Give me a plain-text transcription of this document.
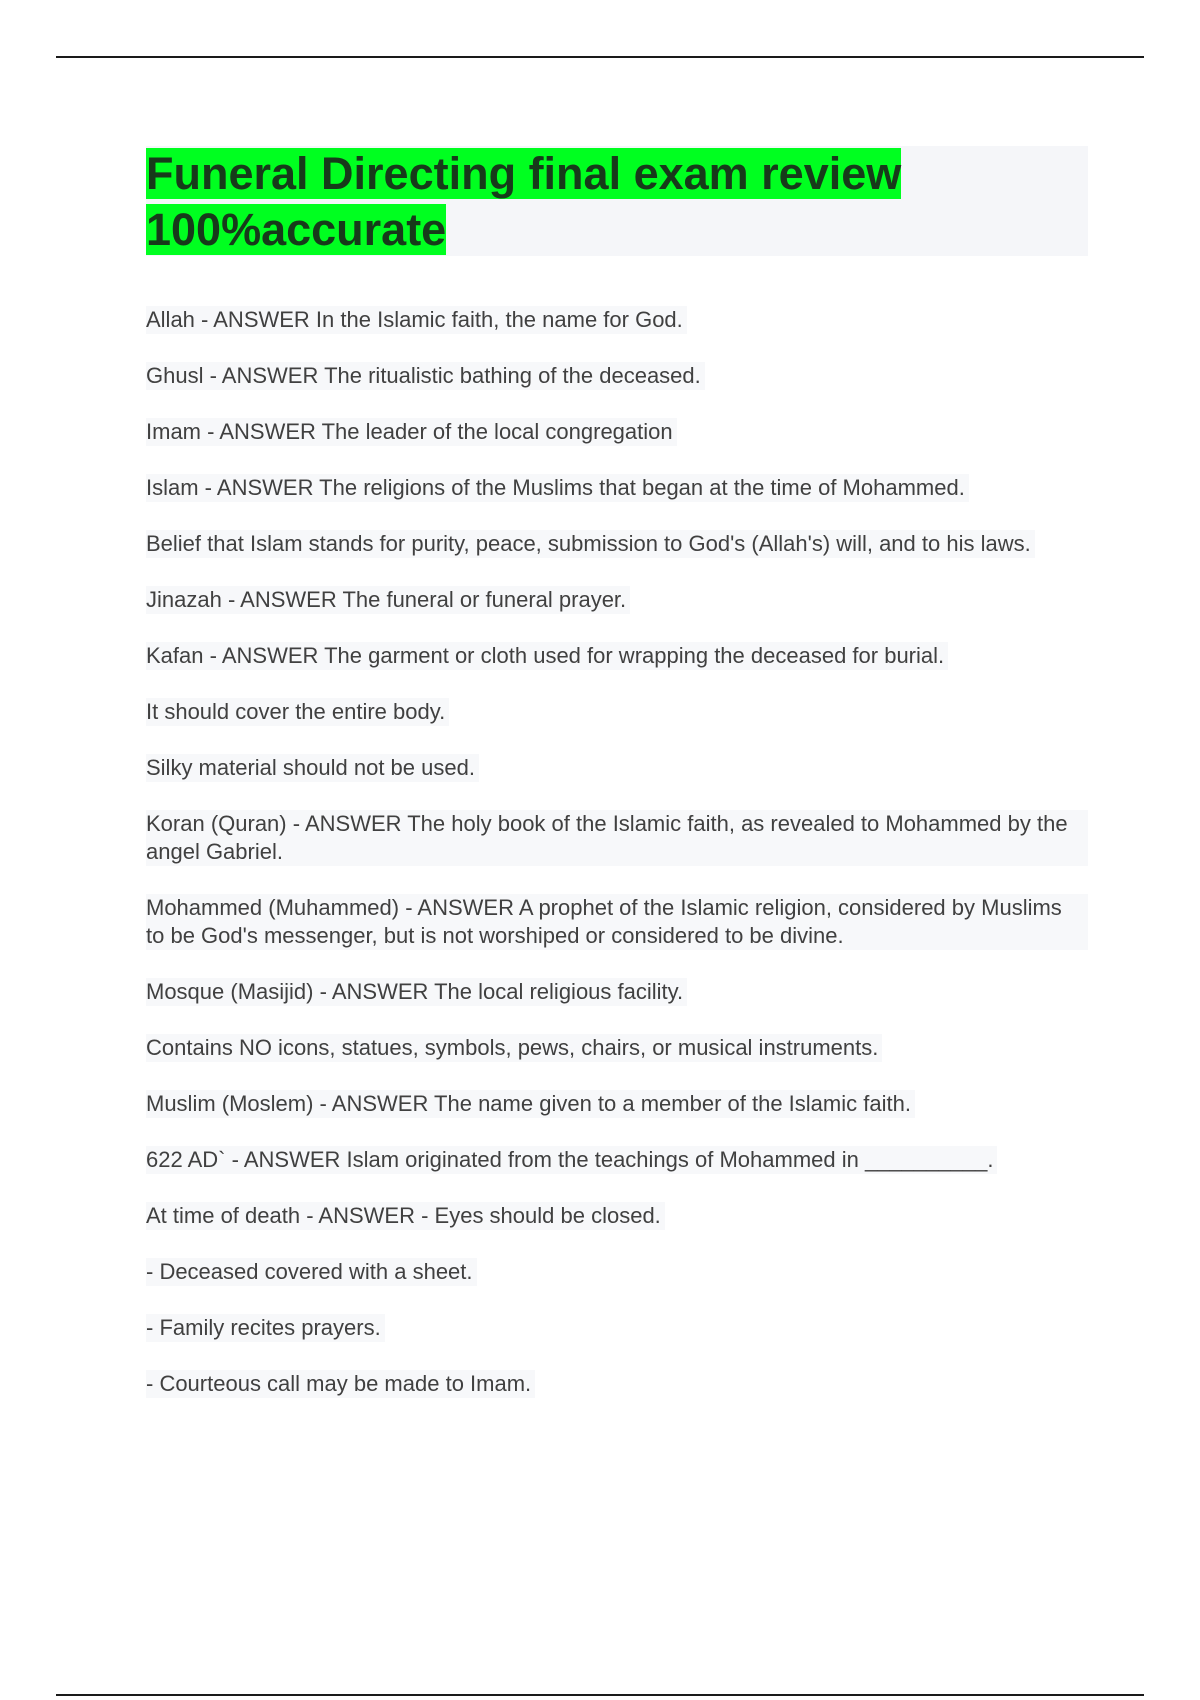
Funeral Directing final exam review
100%accurate

Allah - ANSWER In the Islamic faith, the name for God.

Ghusl - ANSWER The ritualistic bathing of the deceased.

Imam - ANSWER The leader of the local congregation

Islam - ANSWER The religions of the Muslims that began at the time of Mohammed.

Belief that Islam stands for purity, peace, submission to God's (Allah's) will, and to his laws.

Jinazah - ANSWER The funeral or funeral prayer.

Kafan - ANSWER The garment or cloth used for wrapping the deceased for burial.

It should cover the entire body.

Silky material should not be used.

Koran (Quran) - ANSWER The holy book of the Islamic faith, as revealed to Mohammed by the angel Gabriel.

Mohammed (Muhammed) - ANSWER A prophet of the Islamic religion, considered by Muslims to be God's messenger, but is not worshiped or considered to be divine.

Mosque (Masijid) - ANSWER The local religious facility.

Contains NO icons, statues, symbols, pews, chairs, or musical instruments.

Muslim (Moslem) - ANSWER The name given to a member of the Islamic faith.

622 AD` - ANSWER Islam originated from the teachings of Mohammed in __________.

At time of death - ANSWER - Eyes should be closed.

- Deceased covered with a sheet.

- Family recites prayers.

- Courteous call may be made to Imam.
